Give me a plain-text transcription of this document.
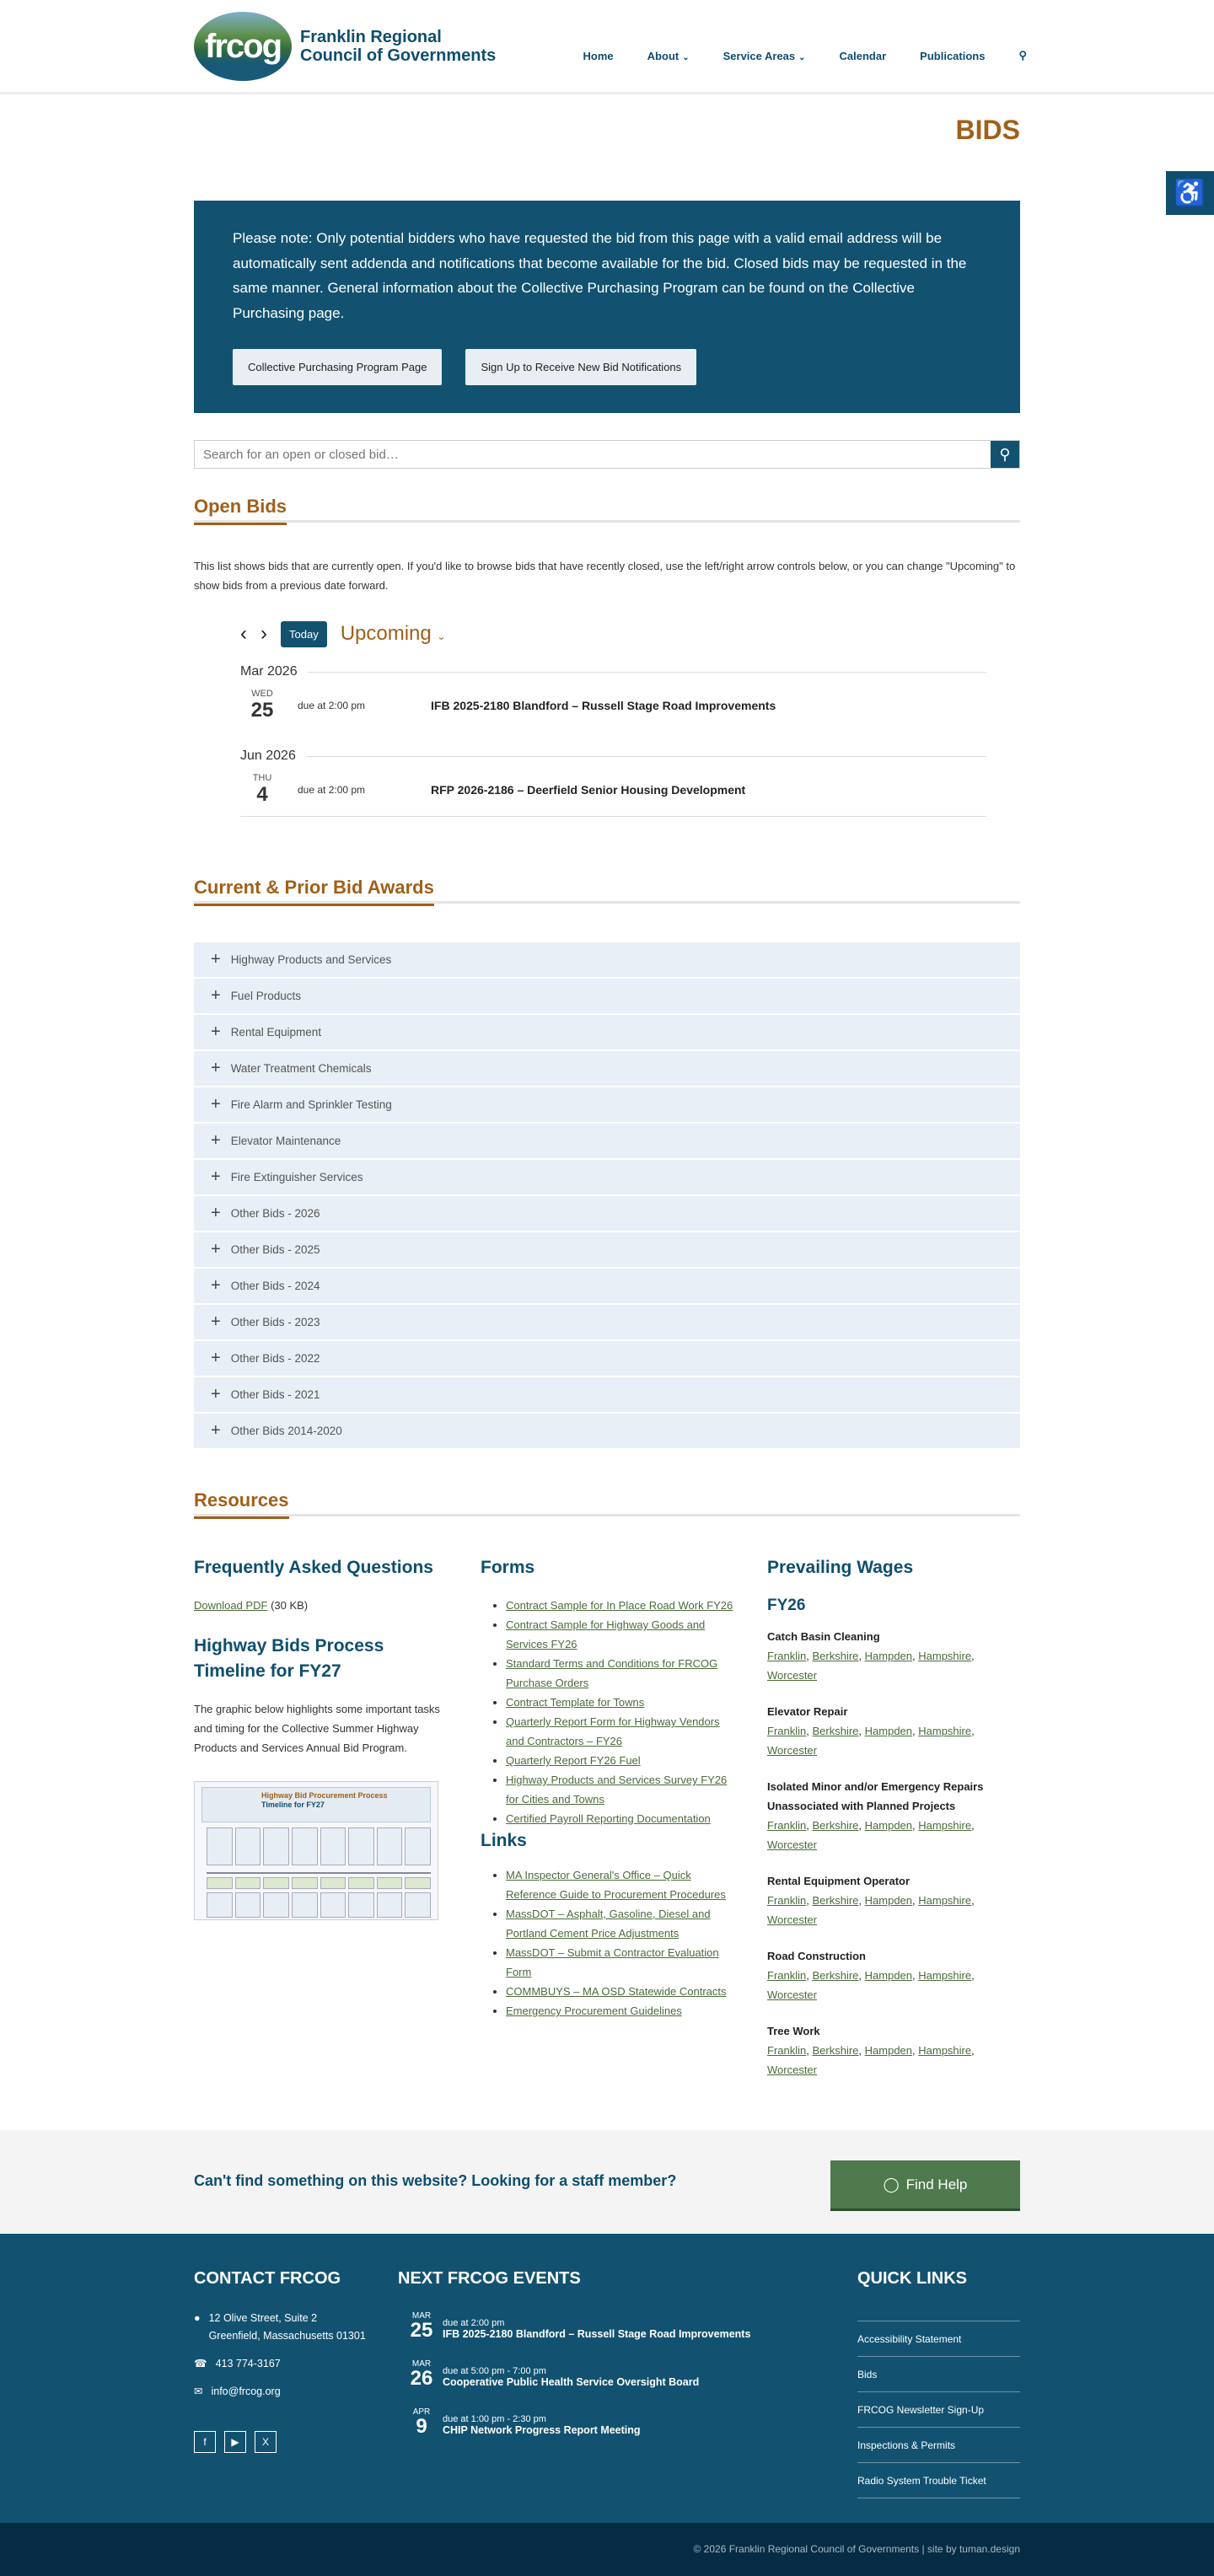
frcog	Franklin Regional
Council of Governments	Home	About ⌄	Service Areas ⌄	Calendar	Publications	⚲
BIDS
♿

Please note: Only potential bidders who have requested the bid from this page with a valid email address will be automatically sent addenda and notifications that become available for the bid. Closed bids may be requested in the same manner. General information about the Collective Purchasing Program can be found on the Collective Purchasing page.

Collective Purchasing Program Page	Sign Up to Receive New Bid Notifications
Search for an open or closed bid…
⚲
Open Bids

This list shows bids that are currently open. If you'd like to browse bids that have recently closed, use the left/right arrow controls below, or you can change "Upcoming" to show bids from a previous date forward.

‹ ›	Today	Upcoming ⌄
Mar 2026
WED
25	due at 2:00 pm	IFB 2025-2180 Blandford – Russell Stage Road Improvements
Jun 2026
THU
4	due at 2:00 pm	RFP 2026-2186 – Deerfield Senior Housing Development
Current & Prior Bid Awards
+ Highway Products and Services
+ Fuel Products
+ Rental Equipment
+ Water Treatment Chemicals
+ Fire Alarm and Sprinkler Testing
+ Elevator Maintenance
+ Fire Extinguisher Services
+ Other Bids - 2026
+ Other Bids - 2025
+ Other Bids - 2024
+ Other Bids - 2023
+ Other Bids - 2022
+ Other Bids - 2021
+ Other Bids 2014-2020
Resources
Frequently Asked Questions
Download PDF (30 KB)
Highway Bids Process Timeline for FY27

The graphic below highlights some important tasks and timing for the Collective Summer Highway Products and Services Annual Bid Program.

Highway Bid Procurement Process
Timeline for FY27
Forms
• Contract Sample for In Place Road Work FY26
• Contract Sample for Highway Goods and Services FY26
• Standard Terms and Conditions for FRCOG Purchase Orders
• Contract Template for Towns
• Quarterly Report Form for Highway Vendors and Contractors – FY26
• Quarterly Report FY26 Fuel
• Highway Products and Services Survey FY26 for Cities and Towns
• Certified Payroll Reporting Documentation
Links
• MA Inspector General's Office – Quick Reference Guide to Procurement Procedures
• MassDOT – Asphalt, Gasoline, Diesel and Portland Cement Price Adjustments
• MassDOT – Submit a Contractor Evaluation Form
• COMMBUYS – MA OSD Statewide Contracts
• Emergency Procurement Guidelines
Prevailing Wages
FY26
Catch Basin Cleaning
Franklin, Berkshire, Hampden, Hampshire, Worcester
Elevator Repair
Franklin, Berkshire, Hampden, Hampshire, Worcester
Isolated Minor and/or Emergency Repairs Unassociated with Planned Projects
Franklin, Berkshire, Hampden, Hampshire, Worcester
Rental Equipment Operator
Franklin, Berkshire, Hampden, Hampshire, Worcester
Road Construction
Franklin, Berkshire, Hampden, Hampshire, Worcester
Tree Work
Franklin, Berkshire, Hampden, Hampshire, Worcester
Can't find something on this website? Looking for a staff member?	◯ Find Help
CONTACT FRCOG
● 12 Olive Street, Suite 2
Greenfield, Massachusetts 01301
☎ 413 774-3167
✉ info@frcog.org
f	▶	X
NEXT FRCOG EVENTS
MAR
25 due at 2:00 pm
IFB 2025-2180 Blandford – Russell Stage Road Improvements
MAR
26 due at 5:00 pm - 7:00 pm
Cooperative Public Health Service Oversight Board
APR
9	due at 1:00 pm - 2:30 pm
CHIP Network Progress Report Meeting
QUICK LINKS
Accessibility Statement
Bids
FRCOG Newsletter Sign-Up
Inspections & Permits
Radio System Trouble Ticket
© 2026 Franklin Regional Council of Governments | site by tuman.design
